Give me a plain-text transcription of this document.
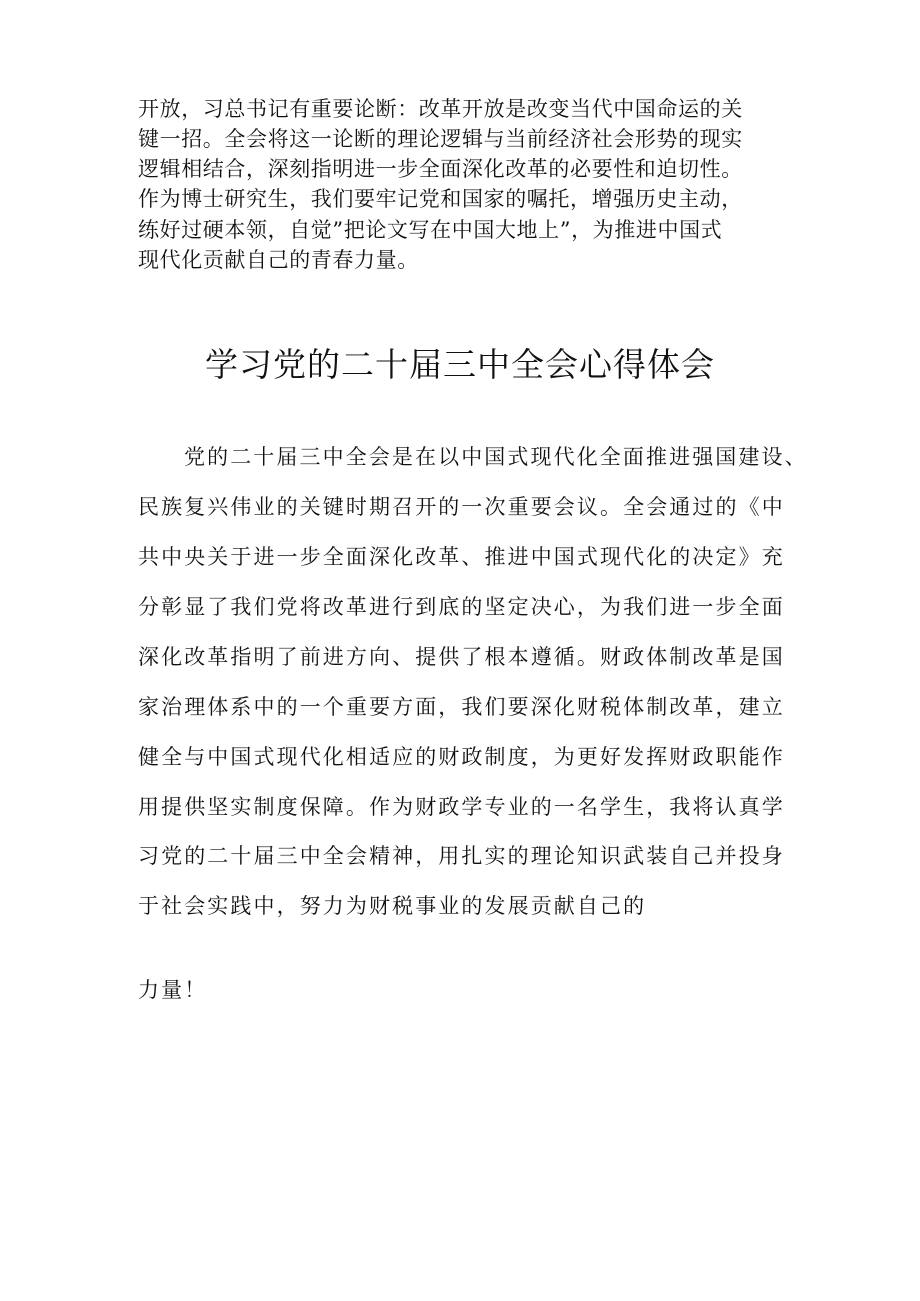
开放，习总书记有重要论断：改革开放是改变当代中国命运的关
键一招。全会将这一论断的理论逻辑与当前经济社会形势的现实
逻辑相结合，深刻指明进一步全面深化改革的必要性和迫切性。
作为博士研究生，我们要牢记党和国家的嘱托，增强历史主动，
练好过硬本领，自觉”把论文写在中国大地上”，为推进中国式
现代化贡献自己的青春力量。
学习党的二十届三中全会心得体会
党的二十届三中全会是在以中国式现代化全面推进强国建设、
民族复兴伟业的关键时期召开的一次重要会议。全会通过的《中
共中央关于进一步全面深化改革、推进中国式现代化的决定》充
分彰显了我们党将改革进行到底的坚定决心，为我们进一步全面
深化改革指明了前进方向、提供了根本遵循。财政体制改革是国
家治理体系中的一个重要方面，我们要深化财税体制改革，建立
健全与中国式现代化相适应的财政制度，为更好发挥财政职能作
用提供坚实制度保障。作为财政学专业的一名学生，我将认真学
习党的二十届三中全会精神，用扎实的理论知识武装自己并投身
于社会实践中，努力为财税事业的发展贡献自己的
力量！
